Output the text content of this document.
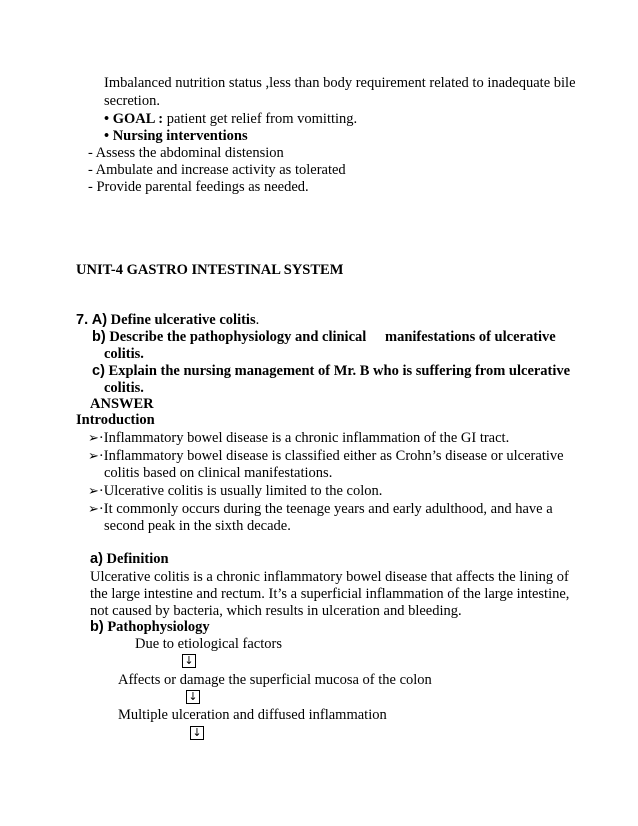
Imbalanced nutrition status ,less than body requirement related to inadequate bile
secretion.
• GOAL : patient get relief from vomitting.
• Nursing interventions
- Assess the abdominal distension
- Ambulate and increase activity as tolerated
- Provide parental feedings as needed.
UNIT-4 GASTRO INTESTINAL SYSTEM
7. A) Define ulcerative colitis.
b) Describe the pathophysiology and clinical manifestations of ulcerative
colitis.
c) Explain the nursing management of Mr. B who is suffering from ulcerative
colitis.
ANSWER
Introduction
➢·Inflammatory bowel disease is a chronic inflammation of the GI tract.
➢·Inflammatory bowel disease is classified either as Crohn’s disease or ulcerative
colitis based on clinical manifestations.
➢·Ulcerative colitis is usually limited to the colon.
➢·It commonly occurs during the teenage years and early adulthood, and have a
second peak in the sixth decade.
a) Definition
Ulcerative colitis is a chronic inflammatory bowel disease that affects the lining of
the large intestine and rectum. It’s a superficial inflammation of the large intestine,
not caused by bacteria, which results in ulceration and bleeding.
b) Pathophysiology
Due to etiological factors
↓
Affects or damage the superficial mucosa of the colon
↓
Multiple ulceration and diffused inflammation
↓
